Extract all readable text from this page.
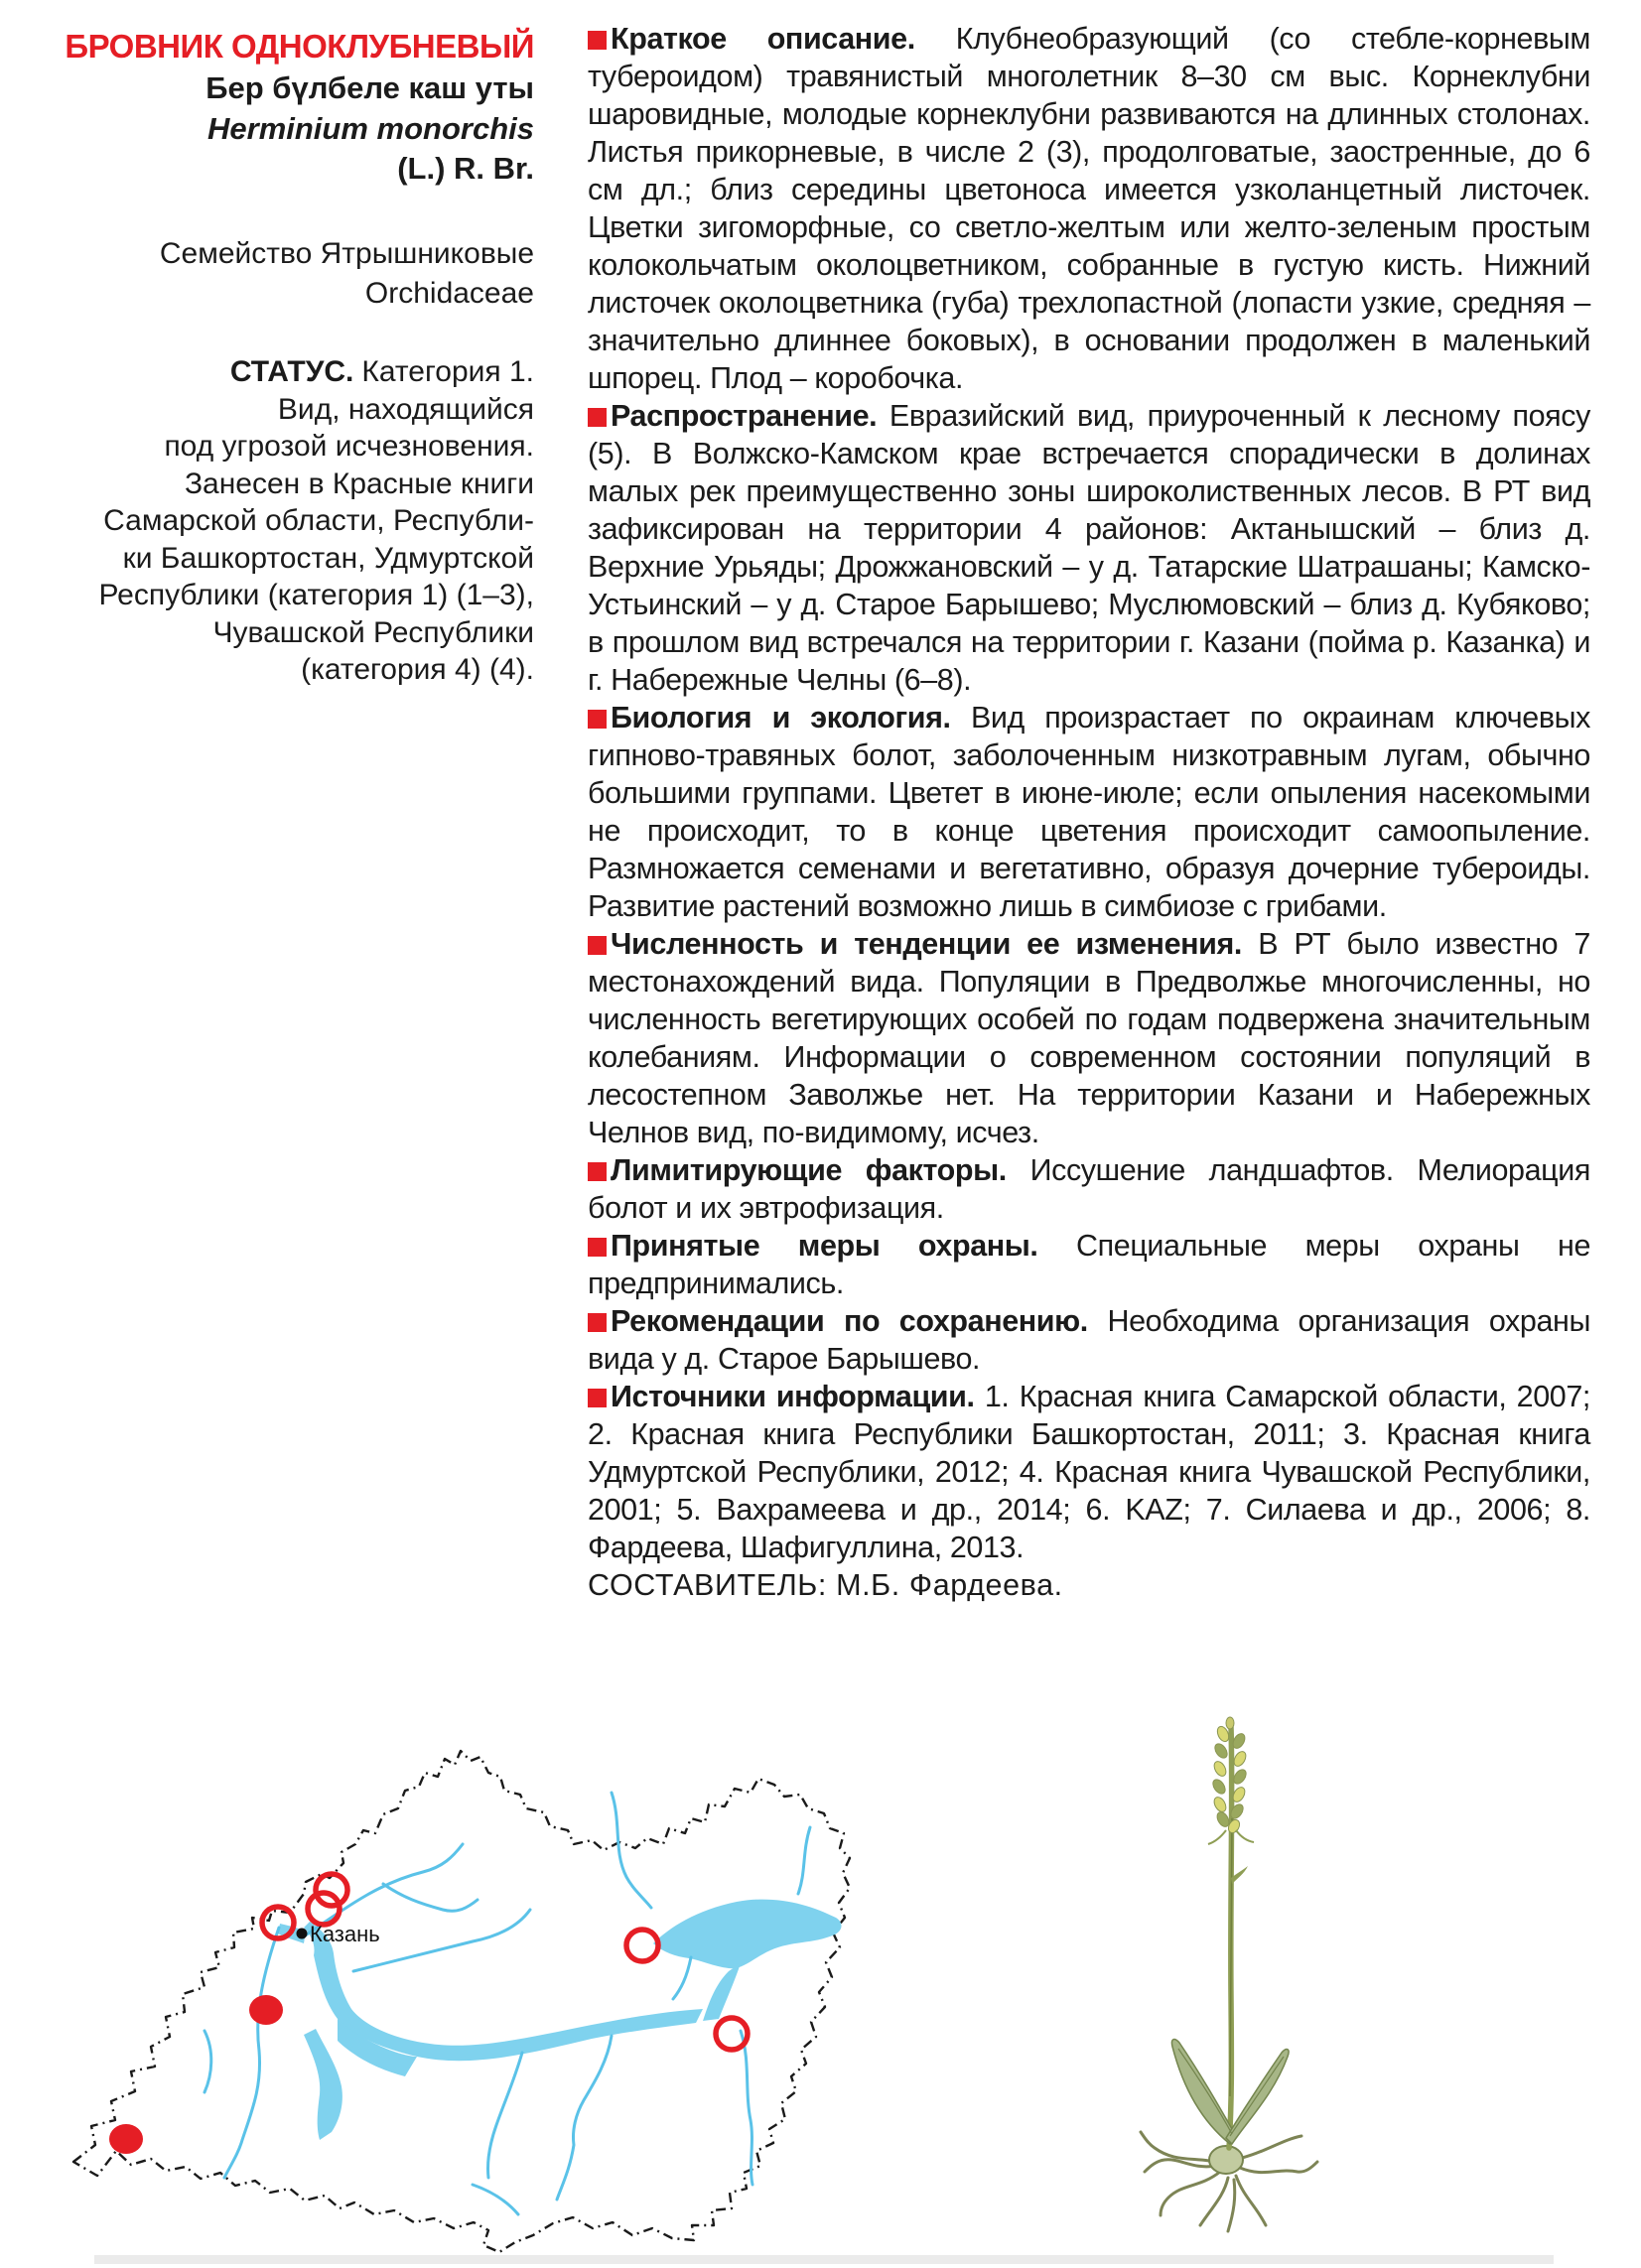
БРОВНИК ОДНОКЛУБНЕВЫЙ
Бер бүлбеле каш уты
Herminium monorchis
(L.) R. Br.
Семейство Ятрышниковые
Orchidaceae
СТАТУС. Категория 1.
Вид, находящийся
под угрозой исчезновения.
Занесен в Красные книги
Самарской области, Республи-
ки Башкортостан, Удмуртской
Республики (категория 1) (1–3),
Чувашской Республики
(категория 4) (4).

Краткое описание. Клубнеобразующий (со стебле-корневым тубероидом) травянистый многолетник 8–30 см выс. Корнеклубни шаровидные, молодые корнеклубни развиваются на длинных столонах. Листья прикорневые, в числе 2 (3), продолговатые, заостренные, до 6 см дл.; близ середины цветоноса имеется узколанцетный листочек. Цветки зигоморфные, со светло-желтым или желто-зеленым простым колокольчатым околоцветником, собранные в густую кисть. Нижний листочек околоцветника (губа) трехлопастной (лопасти узкие, средняя – значительно длиннее боковых), в основании продолжен в маленький шпорец. Плод – коробочка.

Распространение. Евразийский вид, приуроченный к лесному поясу (5). В Волжско-Камском крае встречается спорадически в долинах малых рек преимущественно зоны широколиственных лесов. В РТ вид зафиксирован на территории 4 районов: Актанышский – близ д. Верхние Урьяды; Дрожжановский – у д. Татарские Шатрашаны; Камско-Устьинский – у д. Старое Барышево; Муслюмовский – близ д. Кубяково; в прошлом вид встречался на территории г. Казани (пойма р. Казанка) и г. Набережные Челны (6–8).

Биология и экология. Вид произрастает по окраинам ключевых гипново-травяных болот, заболоченным низкотравным лугам, обычно большими группами. Цветет в июне-июле; если опыления насекомыми не происходит, то в конце цветения происходит самоопыление. Размножается семенами и вегетативно, образуя дочерние тубероиды. Развитие растений возможно лишь в симбиозе с грибами.

Численность и тенденции ее изменения. В РТ было известно 7 местонахождений вида. Популяции в Предволжье многочисленны, но численность вегетирующих особей по годам подвержена значительным колебаниям. Информации о современном состоянии популяций в лесостепном Заволжье нет. На территории Казани и Набережных Челнов вид, по-видимому, исчез.

Лимитирующие факторы. Иссушение ландшафтов. Мелиорация болот и их эвтрофизация.

Принятые меры охраны. Специальные меры охраны не предпринимались.

Рекомендации по сохранению. Необходима организация охраны вида у д. Старое Барышево.

Источники информации. 1. Красная книга Самарской области, 2007; 2. Красная книга Республики Башкортостан, 2011; 3. Красная книга Удмуртской Республики, 2012; 4. Красная книга Чувашской Республики, 2001; 5. Вахрамеева и др., 2014; 6. KAZ; 7. Силаева и др., 2006; 8. Фардеева, Шафигуллина, 2013.

СОСТАВИТЕЛЬ: М.Б. Фардеева.

Казань
